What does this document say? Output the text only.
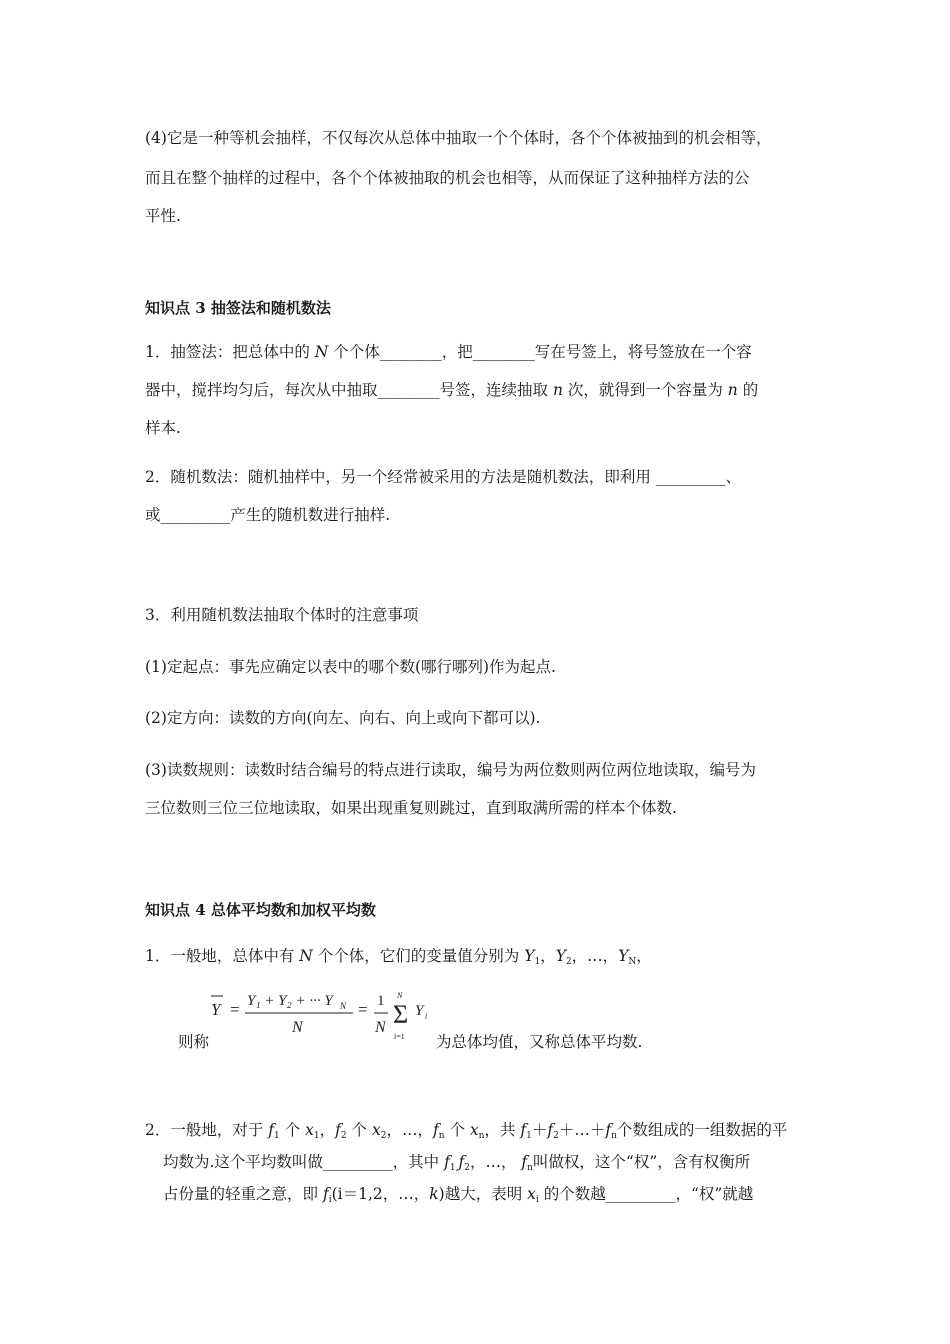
(4)它是一种等机会抽样，不仅每次从总体中抽取一个个体时，各个个体被抽到的机会相等，
而且在整个抽样的过程中，各个个体被抽取的机会也相等，从而保证了这种抽样方法的公
平性.
知识点 3 抽签法和随机数法
1．抽签法：把总体中的 N 个个体________，把________写在号签上，将号签放在一个容
器中，搅拌均匀后，每次从中抽取________号签，连续抽取 n 次，就得到一个容量为 n 的
样本.
2．随机数法：随机抽样中，另一个经常被采用的方法是随机数法，即利用 _________、
或_________产生的随机数进行抽样.
3．利用随机数法抽取个体时的注意事项
(1)定起点：事先应确定以表中的哪个数(哪行哪列)作为起点.
(2)定方向：读数的方向(向左、向右、向上或向下都可以).
(3)读数规则：读数时结合编号的特点进行读取，编号为两位数则两位两位地读取，编号为
三位数则三位三位地读取，如果出现重复则跳过，直到取满所需的样本个体数.
知识点 4 总体平均数和加权平均数
1．一般地，总体中有 N 个个体，它们的变量值分别为 $Y_1$，$Y_2$，…，$Y_N$，
则称
Y = Y₁ + Y₂ + ··· Y N
N
= 1
N
N
Σ
i=1
Y i
为总体均值，又称总体平均数.
2．一般地，对于 $f_1$ 个 $x_1$，$f_2$ 个 $x_2$，…，$f_n$ 个 $x_n$，共 $f_1+f_2+\dots+f_n$个数组成的一组数据的平
均数为.这个平均数叫做_________，其中 $f_{1,}f_2$，…， $f_n$叫做权，这个“权”，含有权衡所
占份量的轻重之意，即 $f_i(i=1,2$，…，k)越大，表明 $x_i$ 的个数越_________，“权”就越
